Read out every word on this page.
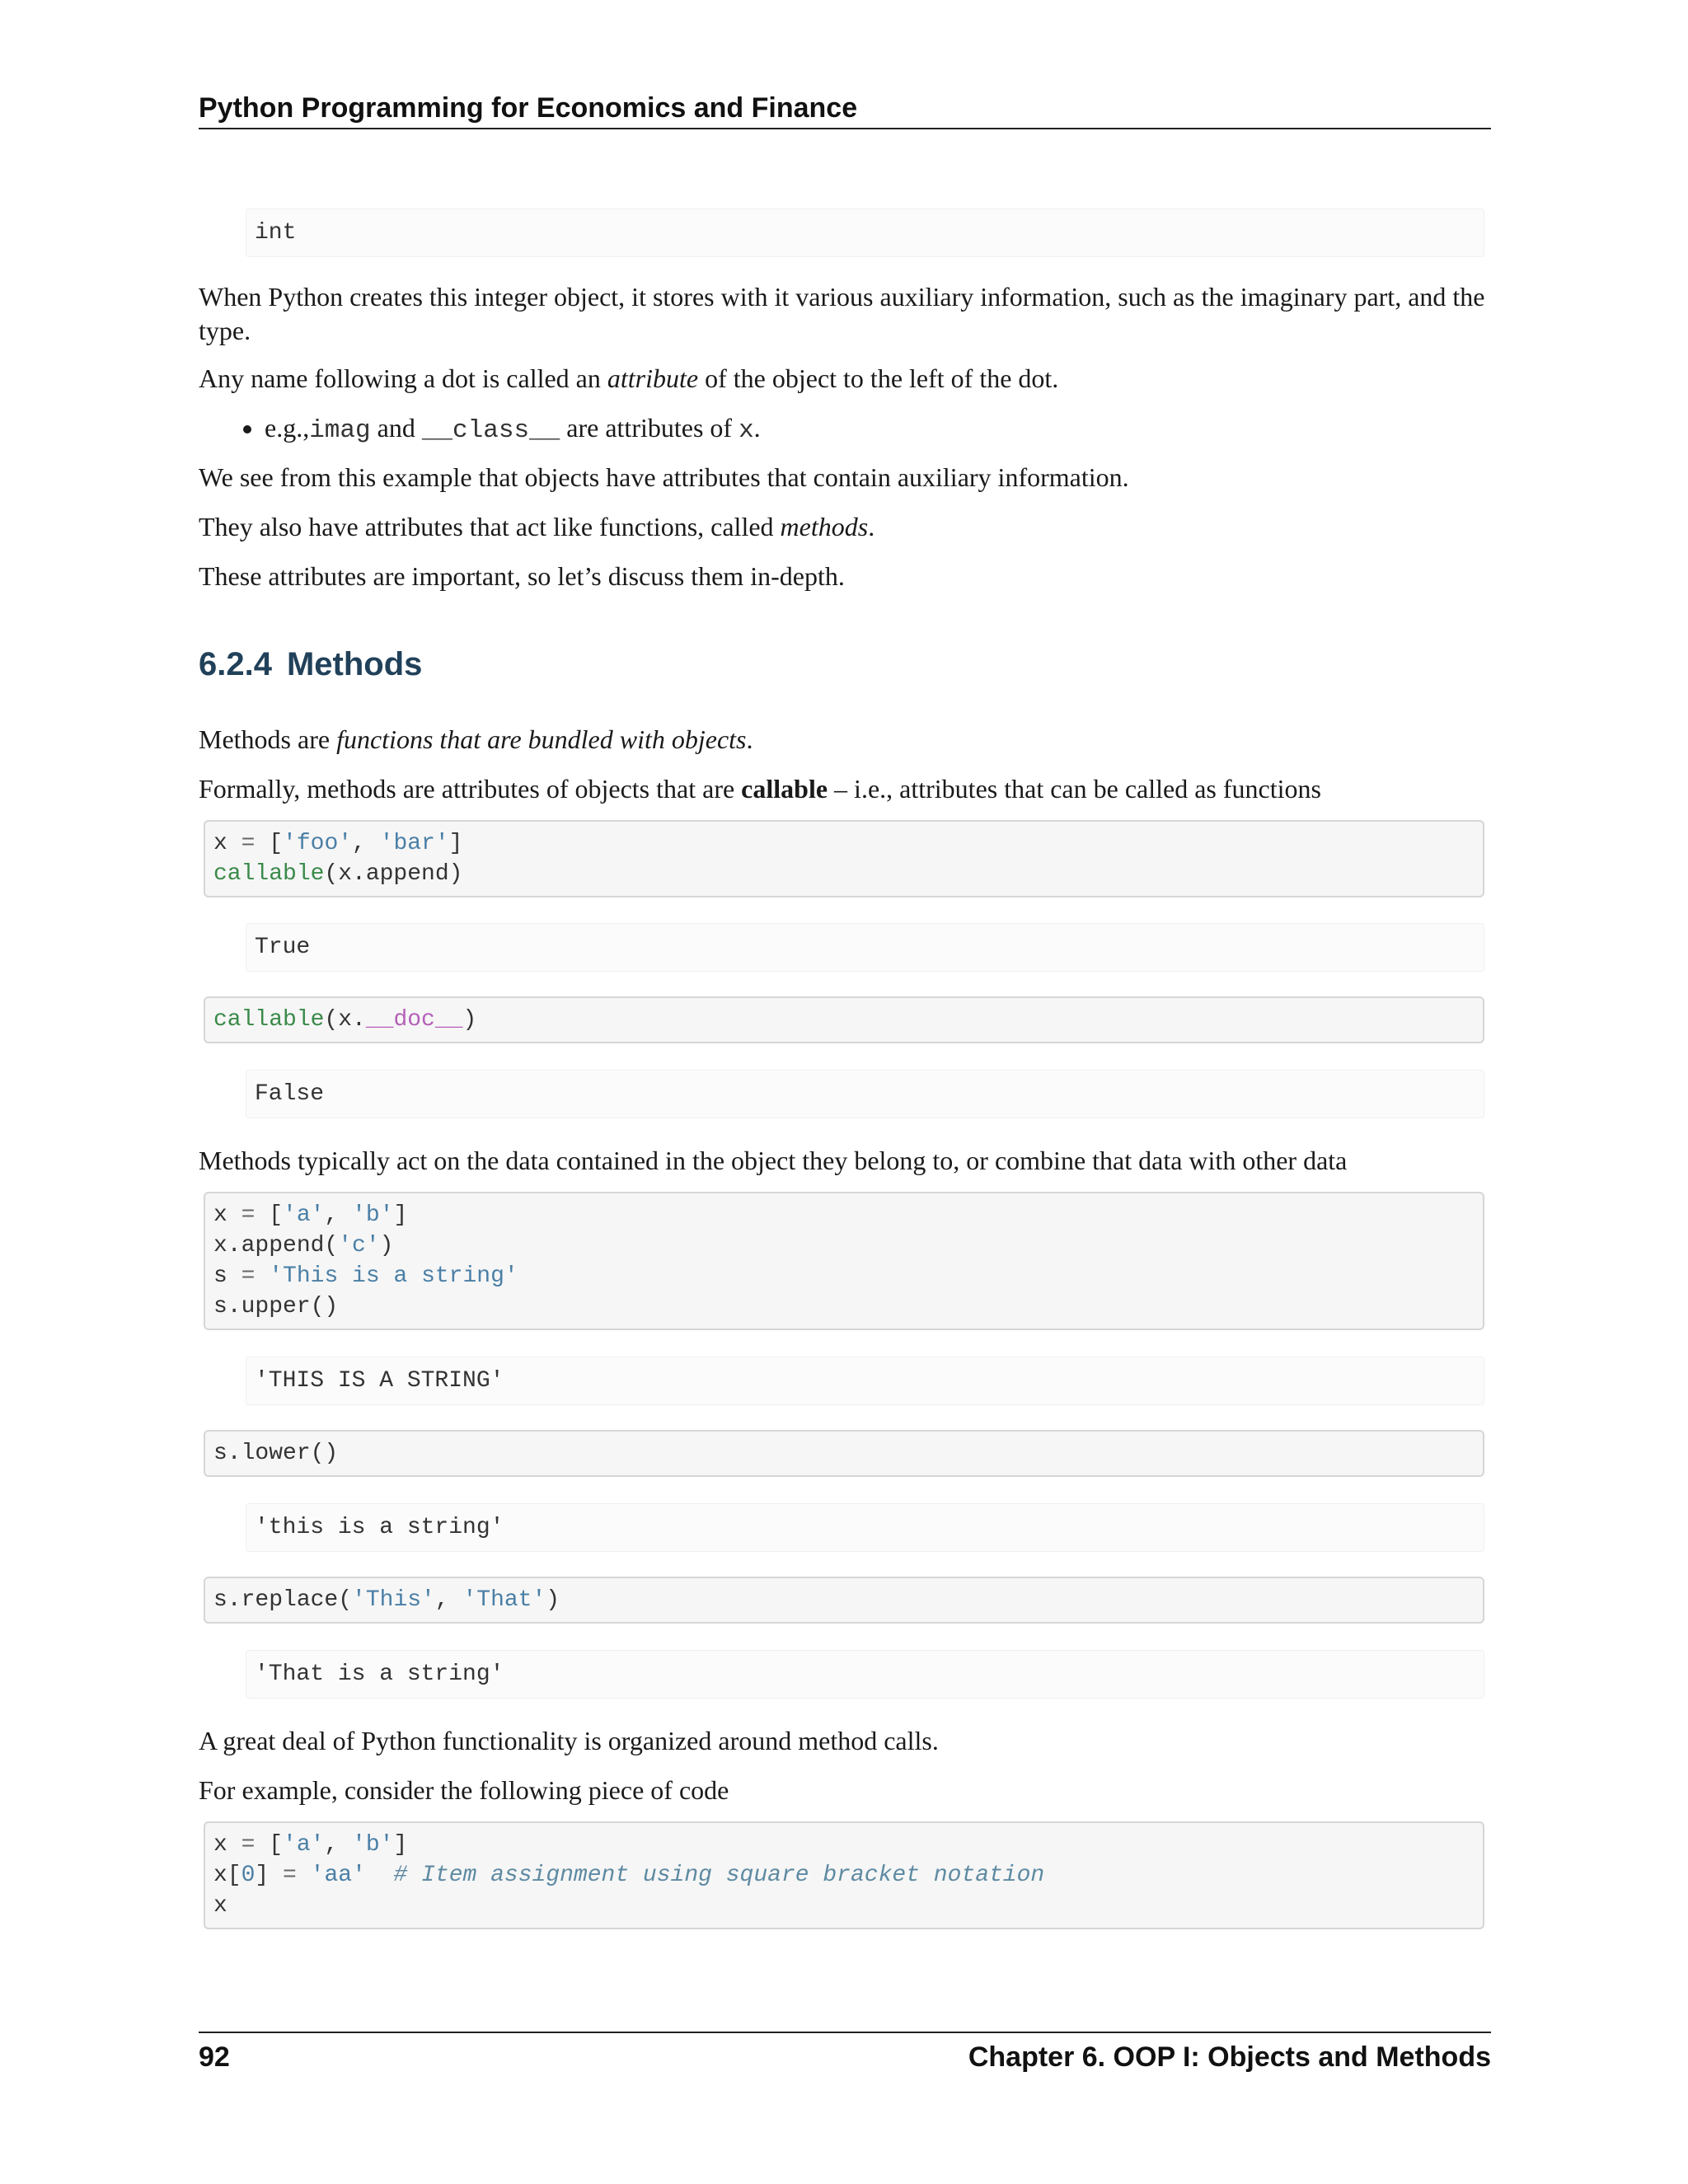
Python Programming for Economics and Finance
int

When Python creates this integer object, it stores with it various auxiliary information, such as the imaginary part, and the type.

Any name following a dot is called an attribute of the object to the left of the dot.

• e.g.,imag and __class__ are attributes of x.

We see from this example that objects have attributes that contain auxiliary information.

They also have attributes that act like functions, called methods.

These attributes are important, so let’s discuss them in-depth.

6.2.4 Methods

Methods are functions that are bundled with objects.

Formally, methods are attributes of objects that are callable – i.e., attributes that can be called as functions

x = ['foo', 'bar']
callable(x.append)
True
callable(x.__doc__)
False

Methods typically act on the data contained in the object they belong to, or combine that data with other data

x = ['a', 'b']
x.append('c')
s = 'This is a string'
s.upper()
'THIS IS A STRING'
s.lower()
'this is a string'
s.replace('This', 'That')
'That is a string'

A great deal of Python functionality is organized around method calls.

For example, consider the following piece of code

x = ['a', 'b']
x[0] = 'aa' # Item assignment using square bracket notation
x
92	Chapter 6. OOP I: Objects and Methods
